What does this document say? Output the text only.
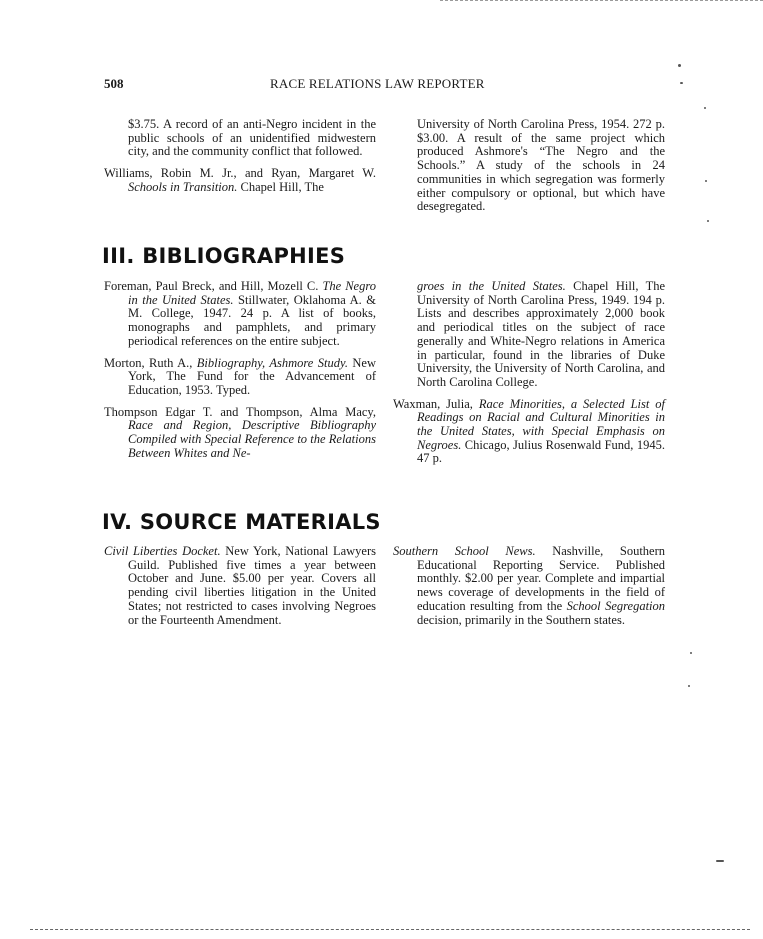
508	RACE RELATIONS LAW REPORTER

$3.75. A record of an anti-Negro incident in the public schools of an unidentified midwestern city, and the community conflict that followed.

Williams, Robin M. Jr., and Ryan, Margaret W. Schools in Transition. Chapel Hill, The

University of North Carolina Press, 1954. 272 p. $3.00. A result of the same project which produced Ashmore's “The Negro and the Schools.” A study of the schools in 24 communities in which segregation was formerly either compulsory or optional, but which have desegregated.

III. BIBLIOGRAPHIES

Foreman, Paul Breck, and Hill, Mozell C. The Negro in the United States. Stillwater, Oklahoma A. & M. College, 1947. 24 p. A list of books, monographs and pamphlets, and primary periodical references on the entire subject.

Morton, Ruth A., Bibliography, Ashmore Study. New York, The Fund for the Advancement of Education, 1953. Typed.

Thompson Edgar T. and Thompson, Alma Macy, Race and Region, Descriptive Bibliography Compiled with Special Reference to the Relations Between Whites and Ne-

groes in the United States. Chapel Hill, The University of North Carolina Press, 1949. 194 p. Lists and describes approximately 2,000 book and periodical titles on the subject of race generally and White-Negro relations in America in particular, found in the libraries of Duke University, the University of North Carolina, and North Carolina College.

Waxman, Julia, Race Minorities, a Selected List of Readings on Racial and Cultural Minorities in the United States, with Special Emphasis on Negroes. Chicago, Julius Rosenwald Fund, 1945. 47 p.

IV. SOURCE MATERIALS

Civil Liberties Docket. New York, National Lawyers Guild. Published five times a year between October and June. $5.00 per year. Covers all pending civil liberties litigation in the United States; not restricted to cases involving Negroes or the Fourteenth Amendment.

Southern School News. Nashville, Southern Educational Reporting Service. Published monthly. $2.00 per year. Complete and impartial news coverage of developments in the field of education resulting from the School Segregation decision, primarily in the Southern states.
